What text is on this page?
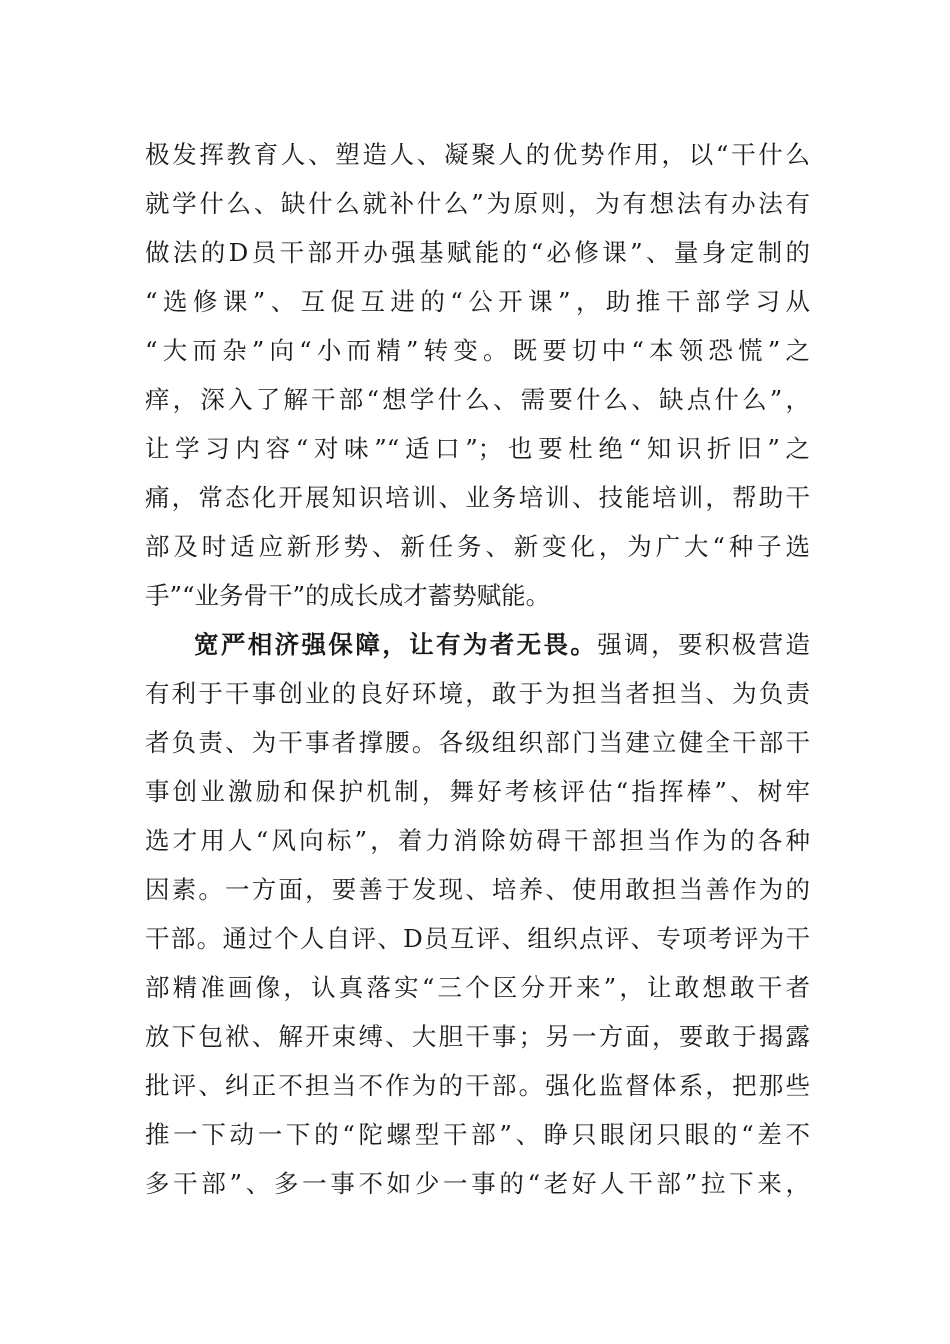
极发挥教育人、塑造人、凝聚人的优势作用，以“干什么
就学什么、缺什么就补什么”为原则，为有想法有办法有
做法的D员干部开办强基赋能的“必修课”、量身定制的
“选修课”、互促互进的“公开课”，助推干部学习从
“大而杂”向“小而精”转变。既要切中“本领恐慌”之
痒，深入了解干部“想学什么、需要什么、缺点什么”，
让学习内容“对味”“适口”；也要杜绝“知识折旧”之
痛，常态化开展知识培训、业务培训、技能培训，帮助干
部及时适应新形势、新任务、新变化，为广大“种子选
手”“业务骨干”的成长成才蓄势赋能。
宽严相济强保障，让有为者无畏。强调，要积极营造
有利于干事创业的良好环境，敢于为担当者担当、为负责
者负责、为干事者撑腰。各级组织部门当建立健全干部干
事创业激励和保护机制，舞好考核评估“指挥棒”、树牢
选才用人“风向标”，着力消除妨碍干部担当作为的各种
因素。一方面，要善于发现、培养、使用敢担当善作为的
干部。通过个人自评、D员互评、组织点评、专项考评为干
部精准画像，认真落实“三个区分开来”，让敢想敢干者
放下包袱、解开束缚、大胆干事；另一方面，要敢于揭露
批评、纠正不担当不作为的干部。强化监督体系，把那些
推一下动一下的“陀螺型干部”、睁只眼闭只眼的“差不
多干部”、多一事不如少一事的“老好人干部”拉下来，
